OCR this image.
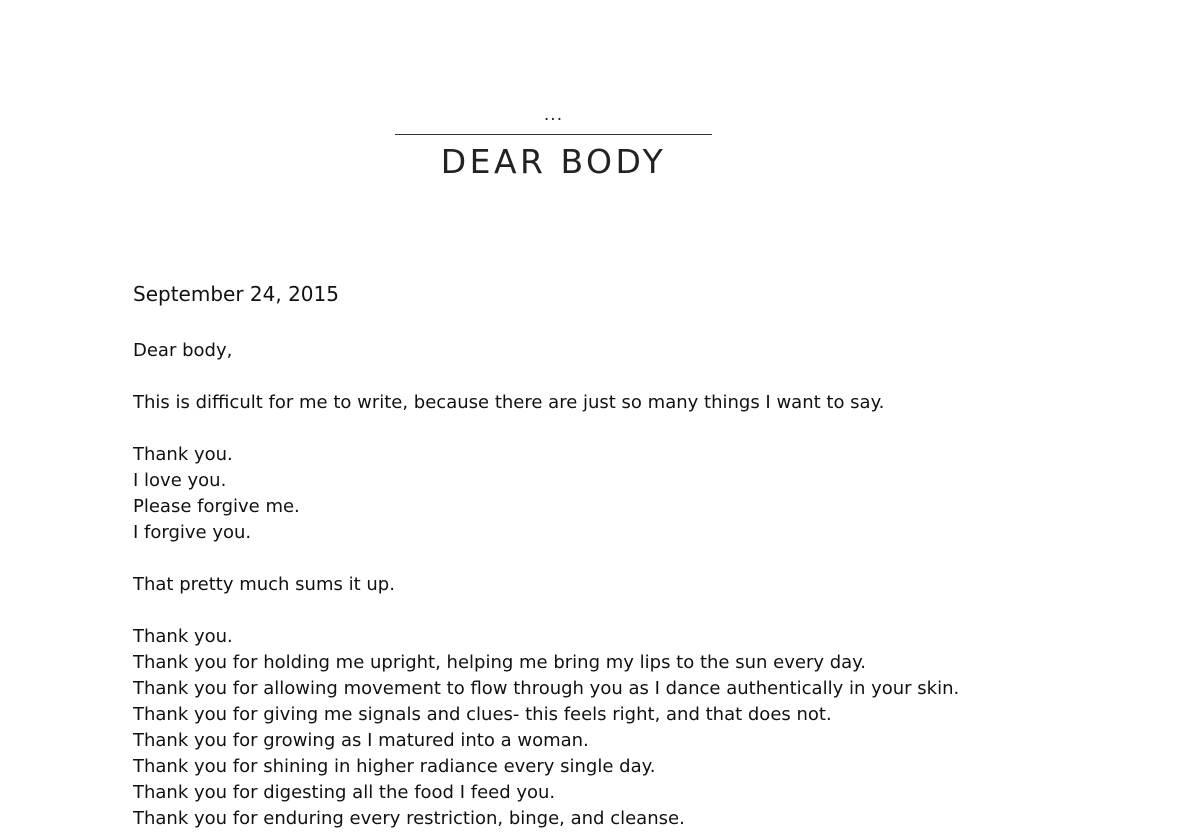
...
DEAR BODY
September 24, 2015
Dear body,
This is difficult for me to write, because there are just so many things I want to say.
Thank you.
I love you.
Please forgive me.
I forgive you.
That pretty much sums it up.
Thank you.
Thank you for holding me upright, helping me bring my lips to the sun every day.
Thank you for allowing movement to flow through you as I dance authentically in your skin.
Thank you for giving me signals and clues- this feels right, and that does not.
Thank you for growing as I matured into a woman.
Thank you for shining in higher radiance every single day.
Thank you for digesting all the food I feed you.
Thank you for enduring every restriction, binge, and cleanse.
